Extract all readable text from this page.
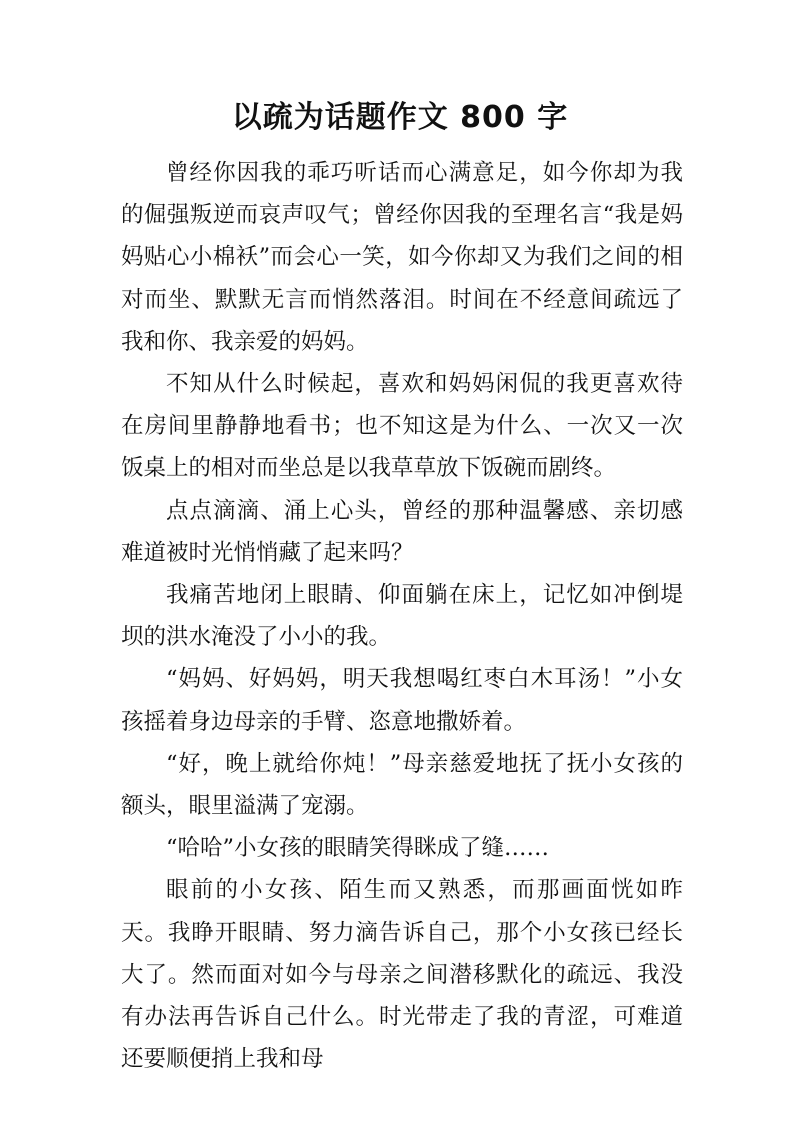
以疏为话题作文 800 字

曾经你因我的乖巧听话而心满意足，如今你却为我的倔强叛逆而哀声叹气；曾经你因我的至理名言“我是妈妈贴心小棉袄”而会心一笑，如今你却又为我们之间的相对而坐、默默无言而悄然落泪。时间在不经意间疏远了我和你、我亲爱的妈妈。

不知从什么时候起，喜欢和妈妈闲侃的我更喜欢待在房间里静静地看书；也不知这是为什么、一次又一次饭桌上的相对而坐总是以我草草放下饭碗而剧终。

点点滴滴、涌上心头，曾经的那种温馨感、亲切感难道被时光悄悄藏了起来吗？

我痛苦地闭上眼睛、仰面躺在床上，记忆如冲倒堤坝的洪水淹没了小小的我。

“妈妈、好妈妈，明天我想喝红枣白木耳汤！”小女孩摇着身边母亲的手臂、恣意地撒娇着。

“好，晚上就给你炖！”母亲慈爱地抚了抚小女孩的额头，眼里溢满了宠溺。

“哈哈”小女孩的眼睛笑得眯成了缝……

眼前的小女孩、陌生而又熟悉，而那画面恍如昨天。我睁开眼睛、努力滴告诉自己，那个小女孩已经长大了。然而面对如今与母亲之间潜移默化的疏远、我没有办法再告诉自己什么。时光带走了我的青涩，可难道还要顺便捎上我和母
